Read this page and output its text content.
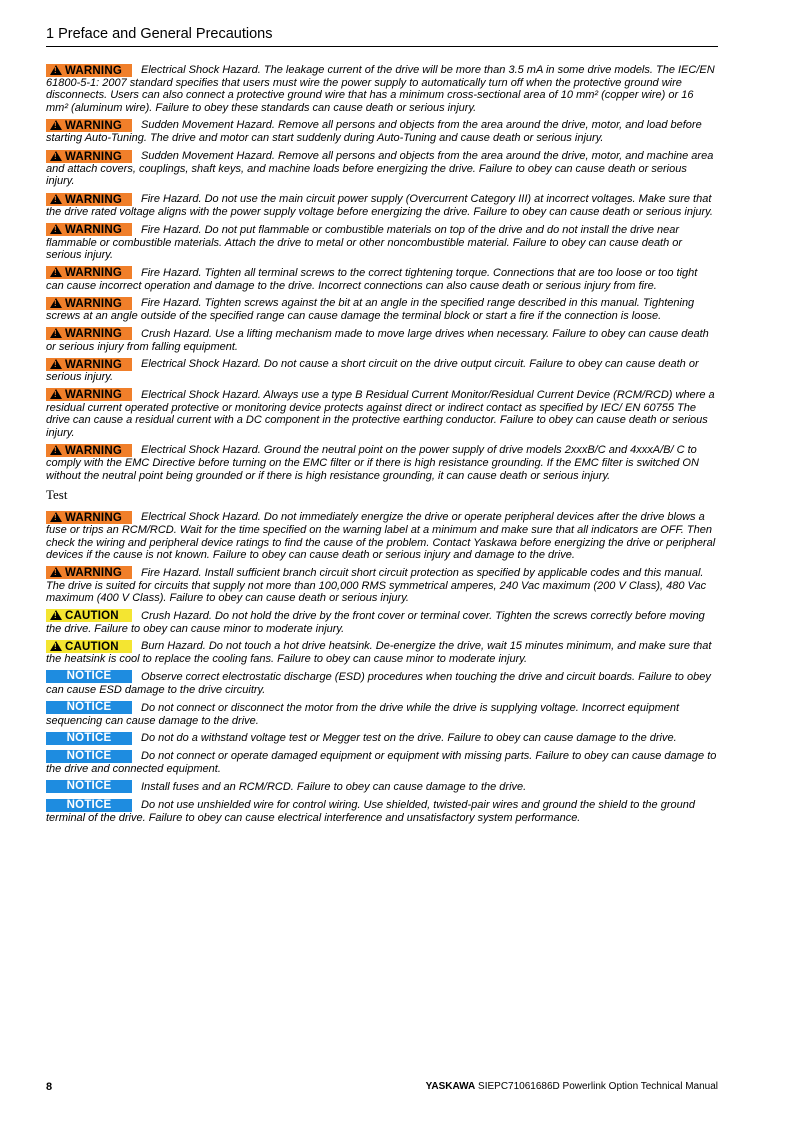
1 Preface and General Precautions
!WARNING Electrical Shock Hazard. The leakage current of the drive will be more than 3.5 mA in some drive models. The IEC/EN 61800-5-1: 2007 standard specifies that users must wire the power supply to automatically turn off when the protective ground wire disconnects. Users can also connect a protective ground wire that has a minimum cross-sectional area of 10 mm² (copper wire) or 16 mm² (aluminum wire). Failure to obey these standards can cause death or serious injury.
!WARNING Sudden Movement Hazard. Remove all persons and objects from the area around the drive, motor, and load before starting Auto-Tuning. The drive and motor can start suddenly during Auto-Tuning and cause death or serious injury.
!WARNING Sudden Movement Hazard. Remove all persons and objects from the area around the drive, motor, and machine area and attach covers, couplings, shaft keys, and machine loads before energizing the drive. Failure to obey can cause death or serious injury.
!WARNING Fire Hazard. Do not use the main circuit power supply (Overcurrent Category III) at incorrect voltages. Make sure that the drive rated voltage aligns with the power supply voltage before energizing the drive. Failure to obey can cause death or serious injury.
!WARNING Fire Hazard. Do not put flammable or combustible materials on top of the drive and do not install the drive near flammable or combustible materials. Attach the drive to metal or other noncombustible material. Failure to obey can cause death or serious injury.
!WARNING Fire Hazard. Tighten all terminal screws to the correct tightening torque. Connections that are too loose or too tight can cause incorrect operation and damage to the drive. Incorrect connections can also cause death or serious injury from fire.
!WARNING Fire Hazard. Tighten screws against the bit at an angle in the specified range described in this manual. Tightening screws at an angle outside of the specified range can cause damage the terminal block or start a fire if the connection is loose.
!WARNING Crush Hazard. Use a lifting mechanism made to move large drives when necessary. Failure to obey can cause death or serious injury from falling equipment.
!WARNING Electrical Shock Hazard. Do not cause a short circuit on the drive output circuit. Failure to obey can cause death or serious injury.
!WARNING Electrical Shock Hazard. Always use a type B Residual Current Monitor/Residual Current Device (RCM/RCD) where a residual current operated protective or monitoring device protects against direct or indirect contact as specified by IEC/ EN 60755 The drive can cause a residual current with a DC component in the protective earthing conductor. Failure to obey can cause death or serious injury.
!WARNING Electrical Shock Hazard. Ground the neutral point on the power supply of drive models 2xxxB/C and 4xxxA/B/ C to comply with the EMC Directive before turning on the EMC filter or if there is high resistance grounding. If the EMC filter is switched ON without the neutral point being grounded or if there is high resistance grounding, it can cause death or serious injury.
Test
!WARNING Electrical Shock Hazard. Do not immediately energize the drive or operate peripheral devices after the drive blows a fuse or trips an RCM/RCD. Wait for the time specified on the warning label at a minimum and make sure that all indicators are OFF. Then check the wiring and peripheral device ratings to find the cause of the problem. Contact Yaskawa before energizing the drive or peripheral devices if the cause is not known. Failure to obey can cause death or serious injury and damage to the drive.
!WARNING Fire Hazard. Install sufficient branch circuit short circuit protection as specified by applicable codes and this manual. The drive is suited for circuits that supply not more than 100,000 RMS symmetrical amperes, 240 Vac maximum (200 V Class), 480 Vac maximum (400 V Class). Failure to obey can cause death or serious injury.
!CAUTION Crush Hazard. Do not hold the drive by the front cover or terminal cover. Tighten the screws correctly before moving the drive. Failure to obey can cause minor to moderate injury.
!CAUTION Burn Hazard. Do not touch a hot drive heatsink. De-energize the drive, wait 15 minutes minimum, and make sure that the heatsink is cool to replace the cooling fans. Failure to obey can cause minor to moderate injury.
NOTICE	Observe correct electrostatic discharge (ESD) procedures when touching the drive and circuit boards. Failure to obey can cause ESD damage to the drive circuitry.
NOTICE	Do not connect or disconnect the motor from the drive while the drive is supplying voltage. Incorrect equipment sequencing can cause damage to the drive.
NOTICE	Do not do a withstand voltage test or Megger test on the drive. Failure to obey can cause damage to the drive.
NOTICE	Do not connect or operate damaged equipment or equipment with missing parts. Failure to obey can cause damage to the drive and connected equipment.
NOTICE	Install fuses and an RCM/RCD. Failure to obey can cause damage to the drive.
NOTICE	Do not use unshielded wire for control wiring. Use shielded, twisted-pair wires and ground the shield to the ground terminal of the drive. Failure to obey can cause electrical interference and unsatisfactory system performance.
8	YASKAWA SIEPC71061686D Powerlink Option Technical Manual
